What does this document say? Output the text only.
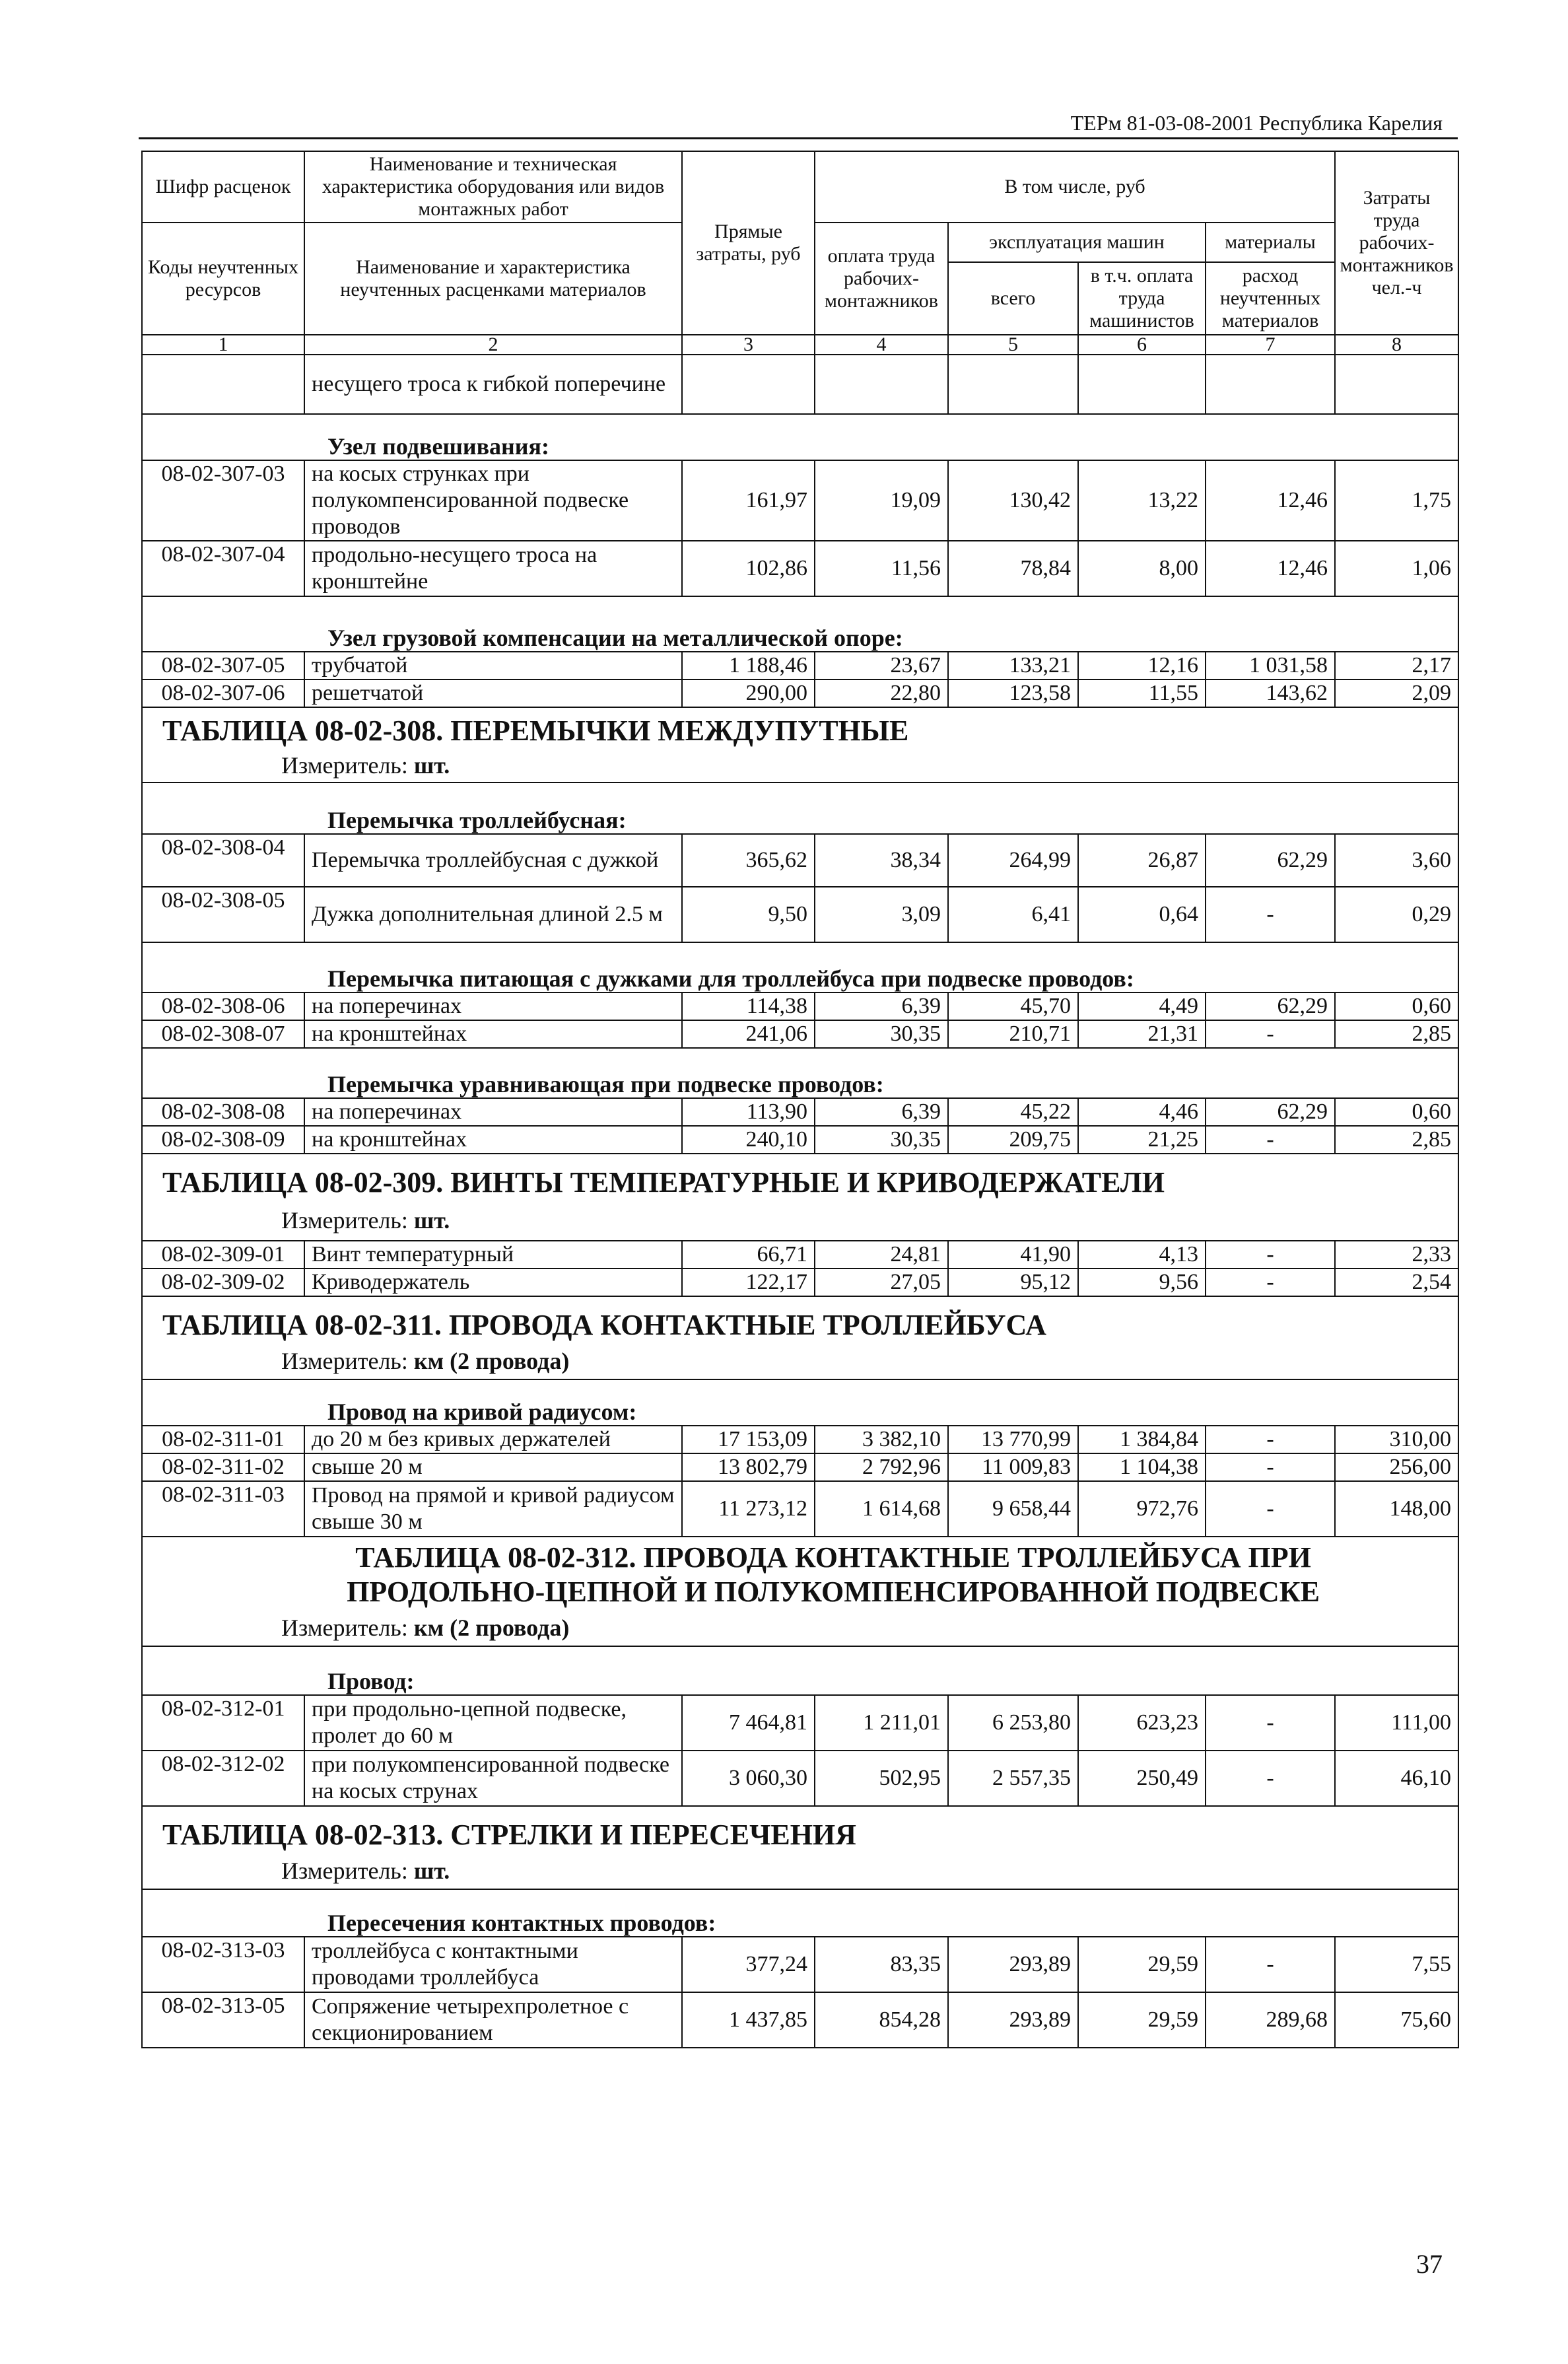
ТЕРм 81-03-08-2001 Республика Карелия
Шифр расценок	Наименование и техническая характеристика оборудования или видов монтажных работ	Прямые затраты, руб	В том числе, руб				Затраты труда рабочих-монтажников чел.-ч
Коды неучтенных ресурсов	Наименование и характеристика неучтенных расценками материалов		оплата труда рабочих-монтажников	эксплуатация машин		материалы	
				всего	в т.ч. оплата труда машинистов	расход неучтенных материалов	
1	2	3	4	5	6	7	8
	несущего троса к гибкой поперечине						
Узел подвешивания:							
08-02-307-03	на косых струнках при полукомпенсированной подвеске проводов	161,97	19,09	130,42	13,22	12,46	1,75
08-02-307-04	продольно-несущего троса на кронштейне	102,86	11,56	78,84	8,00	12,46	1,06
Узел грузовой компенсации на металлической опоре:							
08-02-307-05	трубчатой	1 188,46	23,67	133,21	12,16	1 031,58	2,17
08-02-307-06	решетчатой	290,00	22,80	123,58	11,55	143,62	2,09
ТАБЛИЦА 08-02-308. ПЕРЕМЫЧКИ МЕЖДУПУТНЫЕ							
Измеритель: шт.							
Перемычка троллейбусная:							
08-02-308-04	Перемычка троллейбусная с дужкой	365,62	38,34	264,99	26,87	62,29	3,60
08-02-308-05	Дужка дополнительная длиной 2.5 м	9,50	3,09	6,41	0,64	-	0,29
Перемычка питающая с дужками для троллейбуса при подвеске проводов:							
08-02-308-06	на поперечинах	114,38	6,39	45,70	4,49	62,29	0,60
08-02-308-07	на кронштейнах	241,06	30,35	210,71	21,31	-	2,85
Перемычка уравнивающая при подвеске проводов:							
08-02-308-08	на поперечинах	113,90	6,39	45,22	4,46	62,29	0,60
08-02-308-09	на кронштейнах	240,10	30,35	209,75	21,25	-	2,85
ТАБЛИЦА 08-02-309. ВИНТЫ ТЕМПЕРАТУРНЫЕ И КРИВОДЕРЖАТЕЛИ							
Измеритель: шт.							
08-02-309-01	Винт температурный	66,71	24,81	41,90	4,13	-	2,33
08-02-309-02	Криводержатель	122,17	27,05	95,12	9,56	-	2,54
ТАБЛИЦА 08-02-311. ПРОВОДА КОНТАКТНЫЕ ТРОЛЛЕЙБУСА							
Измеритель: км (2 провода)							
Провод на кривой радиусом:							
08-02-311-01	до 20 м без кривых держателей	17 153,09	3 382,10	13 770,99	1 384,84	-	310,00
08-02-311-02	свыше 20 м	13 802,79	2 792,96	11 009,83	1 104,38	-	256,00
08-02-311-03	Провод на прямой и кривой радиусом свыше 30 м	11 273,12	1 614,68	9 658,44	972,76	-	148,00
ТАБЛИЦА 08-02-312. ПРОВОДА КОНТАКТНЫЕ ТРОЛЛЕЙБУСА ПРИ ПРОДОЛЬНО-ЦЕПНОЙ И ПОЛУКОМПЕНСИРОВАННОЙ ПОДВЕСКЕ							
Измеритель: км (2 провода)							
Провод:							
08-02-312-01	при продольно-цепной подвеске, пролет до 60 м	7 464,81	1 211,01	6 253,80	623,23	-	111,00
08-02-312-02	при полукомпенсированной подвеске на косых струнах	3 060,30	502,95	2 557,35	250,49	-	46,10
ТАБЛИЦА 08-02-313. СТРЕЛКИ И ПЕРЕСЕЧЕНИЯ							
Измеритель: шт.							
Пересечения контактных проводов:							
08-02-313-03	троллейбуса с контактными проводами троллейбуса	377,24	83,35	293,89	29,59	-	7,55
08-02-313-05	Сопряжение четырехпролетное с секционированием	1 437,85	854,28	293,89	29,59	289,68	75,60
37
